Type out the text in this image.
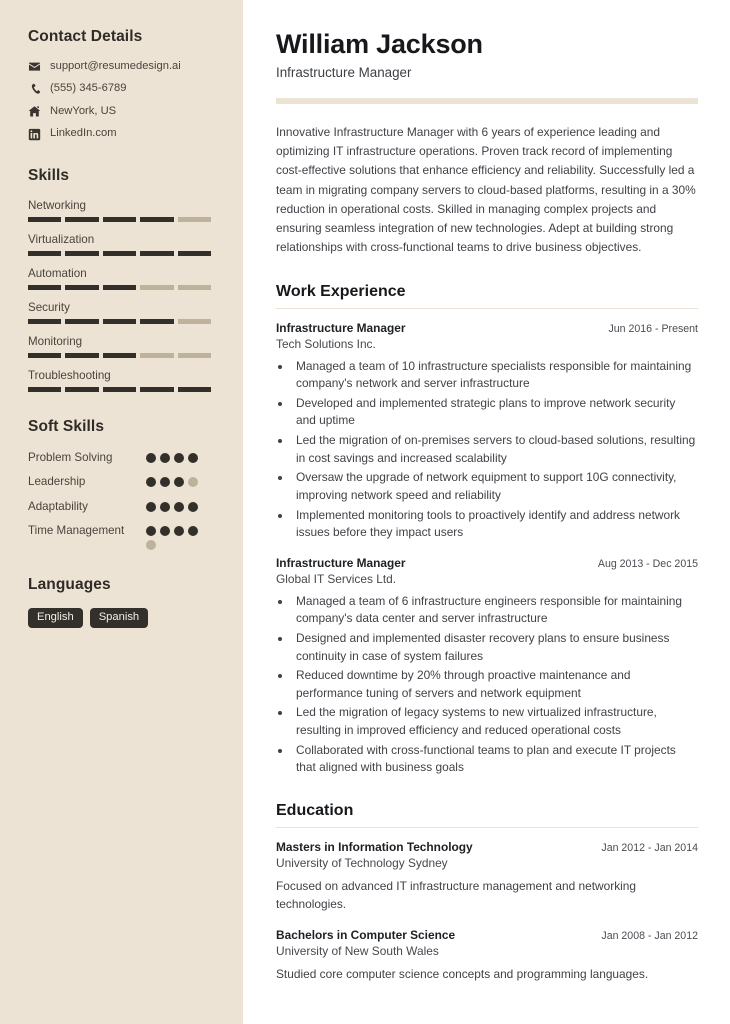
Contact Details
support@resumedesign.ai
(555) 345-6789
NewYork, US
LinkedIn.com
Skills
Networking
Virtualization
Automation
Security
Monitoring
Troubleshooting
Soft Skills
Problem Solving
Leadership
Adaptability
Time Management
Languages
English	Spanish
William Jackson
Infrastructure Manager

Innovative Infrastructure Manager with 6 years of experience leading and optimizing IT infrastructure operations. Proven track record of implementing cost-effective solutions that enhance efficiency and reliability. Successfully led a team in migrating company servers to cloud-based platforms, resulting in a 30% reduction in operational costs. Skilled in managing complex projects and ensuring seamless integration of new technologies. Adept at building strong relationships with cross-functional teams to drive business objectives.

Work Experience
Infrastructure Manager	Jun 2016 - Present
Tech Solutions Inc.
• Managed a team of 10 infrastructure specialists responsible for maintaining company's network and server infrastructure
• Developed and implemented strategic plans to improve network security and uptime
• Led the migration of on-premises servers to cloud-based solutions, resulting in cost savings and increased scalability
• Oversaw the upgrade of network equipment to support 10G connectivity, improving network speed and reliability
• Implemented monitoring tools to proactively identify and address network issues before they impact users
Infrastructure Manager	Aug 2013 - Dec 2015
Global IT Services Ltd.
• Managed a team of 6 infrastructure engineers responsible for maintaining company's data center and server infrastructure
• Designed and implemented disaster recovery plans to ensure business continuity in case of system failures
• Reduced downtime by 20% through proactive maintenance and performance tuning of servers and network equipment
• Led the migration of legacy systems to new virtualized infrastructure, resulting in improved efficiency and reduced operational costs
• Collaborated with cross-functional teams to plan and execute IT projects that aligned with business goals
Education
Masters in Information Technology	Jan 2012 - Jan 2014
University of Technology Sydney
Focused on advanced IT infrastructure management and networking technologies.
Bachelors in Computer Science	Jan 2008 - Jan 2012
University of New South Wales
Studied core computer science concepts and programming languages.
